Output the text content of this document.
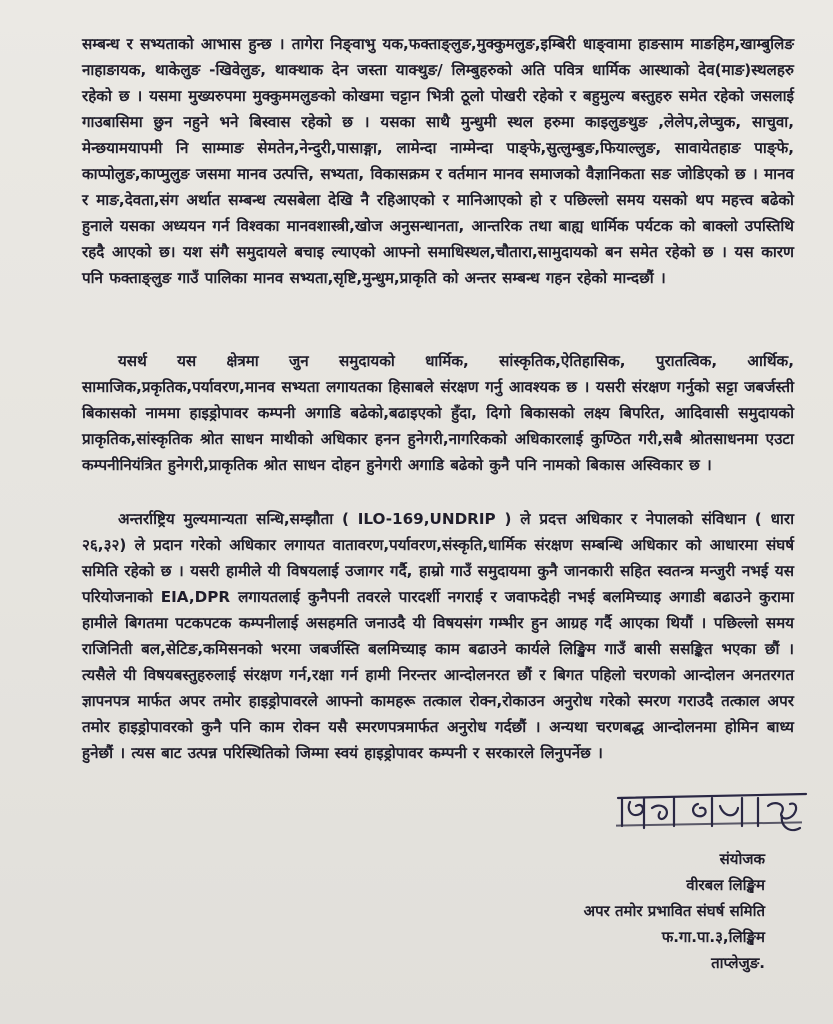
सम्बन्ध र सभ्यताको आभास हुन्छ । तागेरा निङ्वाभु यक,फक्ताङ्लुङ,मुक्कुमलुङ,इम्बिरी धाङ्वामा हाङसाम माङहिम,खाम्बुलिङ नाहाङायक, थाकेलुङ -खिवेलुङ, थाक्थाक देन जस्ता याक्थुङ/ लिम्बुहरुको अति पवित्र धार्मिक आस्थाको देव(माङ)स्थलहरु रहेको छ । यसमा मुख्यरुपमा मुक्कुममलुङको कोखमा चट्टान भित्री ठूलो पोखरी रहेको र बहुमुल्य बस्तुहरु समेत रहेको जसलाई गाउबासिमा छुन नहुने भने बिस्वास रहेको छ । यसका साथै मुन्धुमी स्थल हरुमा काइलुङथुङ ,लेलेप,लेप्चुक, साचुवा, मेन्छयामयापमी नि साम्माङ सेमतेन,नेन्दुरी,पासाङ्गा, लामेन्दा नाम्मेन्दा पाङ्फे,सुत्लुम्बुङ,फियाल्लुङ, सावायेतहाङ पाङ्फे, काप्पोलुङ,काप्मुलुङ जसमा मानव उत्पत्ति, सभ्यता, विकासक्रम र वर्तमान मानव समाजको वैज्ञानिकता सङ जोडिएको छ । मानव र माङ,देवता,संग अर्थात सम्बन्ध त्यसबेला देखि नै रहिआएको र मानिआएको हो र पछिल्लो समय यसको थप महत्त्व बढेको हुनाले यसका अध्ययन गर्न विश्वका मानवशास्त्री,खोज अनुसन्धानता, आन्तरिक तथा बाह्य धार्मिक पर्यटक को बाक्लो उपस्तिथि रहदै आएको छ। यश संगै समुदायले बचाइ ल्याएको आफ्नो समाधिस्थल,चौतारा,सामुदायको बन समेत रहेको छ । यस कारण पनि फक्ताङ्लुङ गाउँ पालिका मानव सभ्यता,सृष्टि,मुन्धुम,प्राकृति को अन्तर सम्बन्ध गहन रहेको मान्दछौं ।

यसर्थ यस क्षेत्रमा जुन समुदायको धार्मिक, सांस्कृतिक,ऐतिहासिक, पुरातत्विक, आर्थिक, सामाजिक,प्रकृतिक,पर्यावरण,मानव सभ्यता लगायतका हिसाबले संरक्षण गर्नु आवश्यक छ । यसरी संरक्षण गर्नुको सट्टा जबर्जस्ती बिकासको नाममा हाइड्रोपावर कम्पनी अगाडि बढेको,बढाइएको हुँदा, दिगो बिकासको लक्ष्य बिपरित, आदिवासी समुदायको प्राकृतिक,सांस्कृतिक श्रोत साधन माथीको अधिकार हनन हुनेगरी,नागरिकको अधिकारलाई कुण्ठित गरी,सबै श्रोतसाधनमा एउटा कम्पनीनियंत्रित हुनेगरी,प्राकृतिक श्रोत साधन दोहन हुनेगरी अगाडि बढेको कुनै पनि नामको बिकास अस्विकार छ ।

अन्तर्राष्ट्रिय मुल्यमान्यता सन्धि,सम्झौता ( ILO-169,UNDRIP ) ले प्रदत्त अधिकार र नेपालको संविधान ( धारा २६,३२) ले प्रदान गरेको अधिकार लगायत वातावरण,पर्यावरण,संस्कृति,धार्मिक संरक्षण सम्बन्धि अधिकार को आधारमा संघर्ष समिति रहेको छ । यसरी हामीले यी विषयलाई उजागर गर्दै, हाम्रो गाउँ समुदायमा कुनै जानकारी सहित स्वतन्त्र मन्जुरी नभई यस परियोजनाको EIA,DPR लगायतलाई कुनैपनी तवरले पारदर्शी नगराई र जवाफदेही नभई बलमिच्याइ अगाडी बढाउने कुरामा हामीले बिगतमा पटकपटक कम्पनीलाई असहमति जनाउदै यी विषयसंग गम्भीर हुन आग्रह गर्दै आएका थियौं । पछिल्लो समय राजिनिती बल,सेटिङ,कमिसनको भरमा जबर्जस्ति बलमिच्याइ काम बढाउने कार्यले लिङ्खिम गाउँ बासी ससङ्कित भएका छौं । त्यसैले यी विषयबस्तुहरुलाई संरक्षण गर्न,रक्षा गर्न हामी निरन्तर आन्दोलनरत छौं र बिगत पहिलो चरणको आन्दोलन अनतरगत ज्ञापनपत्र मार्फत अपर तमोर हाइड्रोपावरले आफ्नो कामहरू तत्काल रोक्न,रोकाउन अनुरोध गरेको स्मरण गराउदै तत्काल अपर तमोर हाइड्रोपावरको कुनै पनि काम रोक्न यसै स्मरणपत्रमार्फत अनुरोध गर्दछौं । अन्यथा चरणबद्ध आन्दोलनमा होमिन बाध्य हुनेछौं । त्यस बाट उत्पन्न परिस्थितिको जिम्मा स्वयं हाइड्रोपावर कम्पनी र सरकारले लिनुपर्नेछ ।

संयोजक
वीरबल लिङ्खिम
अपर तमोर प्रभावित संघर्ष समिति
फ.गा.पा.३,लिङ्खिम
ताप्लेजुङ.
